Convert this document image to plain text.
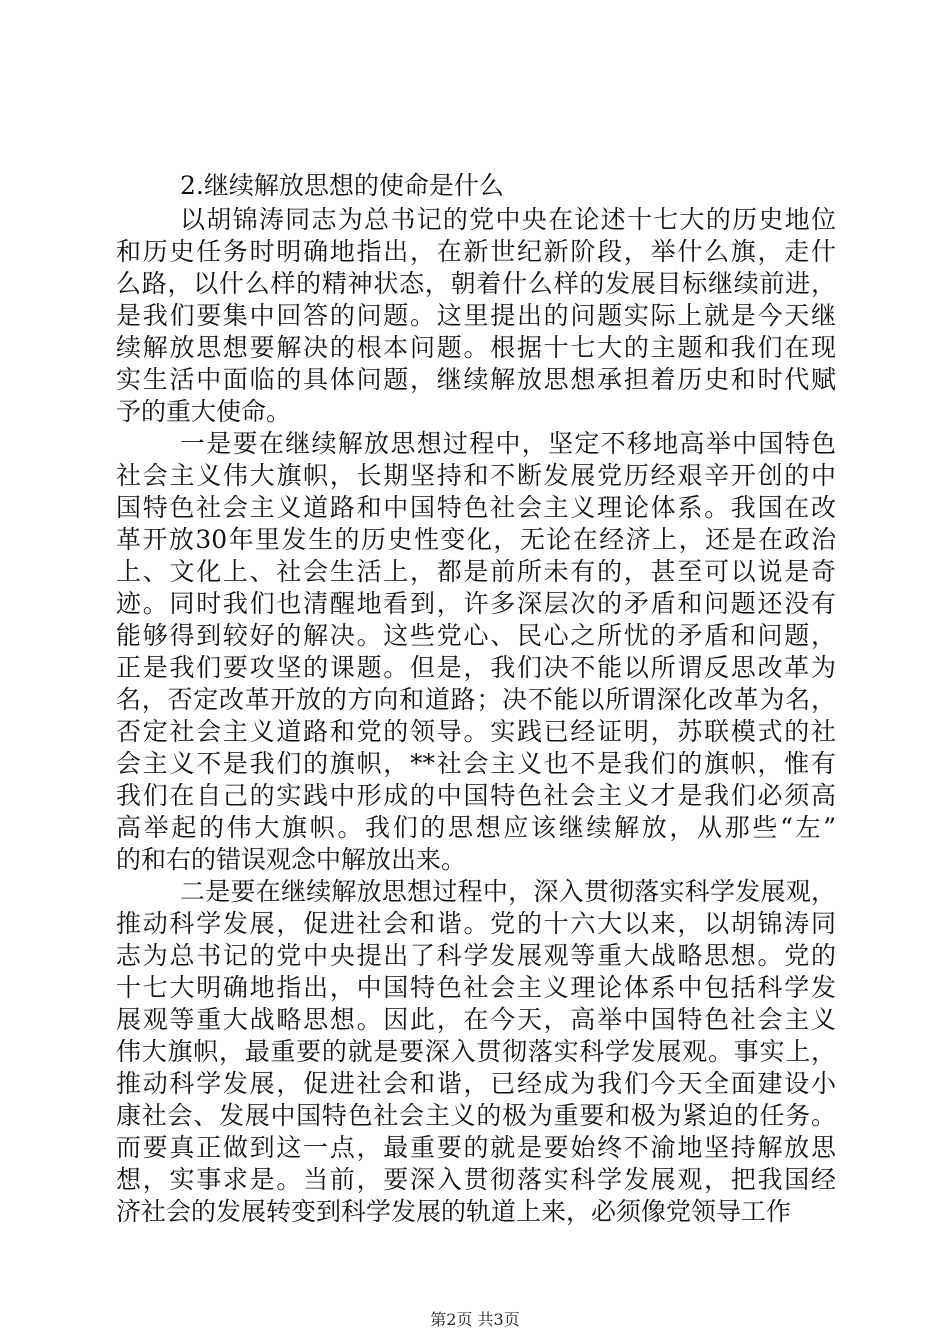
2.继续解放思想的使命是什么

以胡锦涛同志为总书记的党中央在论述十七大的历史地位
和历史任务时明确地指出，在新世纪新阶段，举什么旗，走什
么路，以什么样的精神状态，朝着什么样的发展目标继续前进，
是我们要集中回答的问题。这里提出的问题实际上就是今天继
续解放思想要解决的根本问题。根据十七大的主题和我们在现
实生活中面临的具体问题，继续解放思想承担着历史和时代赋
予的重大使命。

一是要在继续解放思想过程中，坚定不移地高举中国特色
社会主义伟大旗帜，长期坚持和不断发展党历经艰辛开创的中
国特色社会主义道路和中国特色社会主义理论体系。我国在改
革开放30年里发生的历史性变化，无论在经济上，还是在政治
上、文化上、社会生活上，都是前所未有的，甚至可以说是奇
迹。同时我们也清醒地看到，许多深层次的矛盾和问题还没有
能够得到较好的解决。这些党心、民心之所忧的矛盾和问题，
正是我们要攻坚的课题。但是，我们决不能以所谓反思改革为
名，否定改革开放的方向和道路；决不能以所谓深化改革为名，
否定社会主义道路和党的领导。实践已经证明，苏联模式的社
会主义不是我们的旗帜，**社会主义也不是我们的旗帜，惟有
我们在自己的实践中形成的中国特色社会主义才是我们必须高
高举起的伟大旗帜。我们的思想应该继续解放，从那些“左”
的和右的错误观念中解放出来。

二是要在继续解放思想过程中，深入贯彻落实科学发展观，
推动科学发展，促进社会和谐。党的十六大以来，以胡锦涛同
志为总书记的党中央提出了科学发展观等重大战略思想。党的
十七大明确地指出，中国特色社会主义理论体系中包括科学发
展观等重大战略思想。因此，在今天，高举中国特色社会主义
伟大旗帜，最重要的就是要深入贯彻落实科学发展观。事实上，
推动科学发展，促进社会和谐，已经成为我们今天全面建设小
康社会、发展中国特色社会主义的极为重要和极为紧迫的任务。
而要真正做到这一点，最重要的就是要始终不渝地坚持解放思
想，实事求是。当前，要深入贯彻落实科学发展观，把我国经
济社会的发展转变到科学发展的轨道上来，必须像党领导工作

第2页 共3页
